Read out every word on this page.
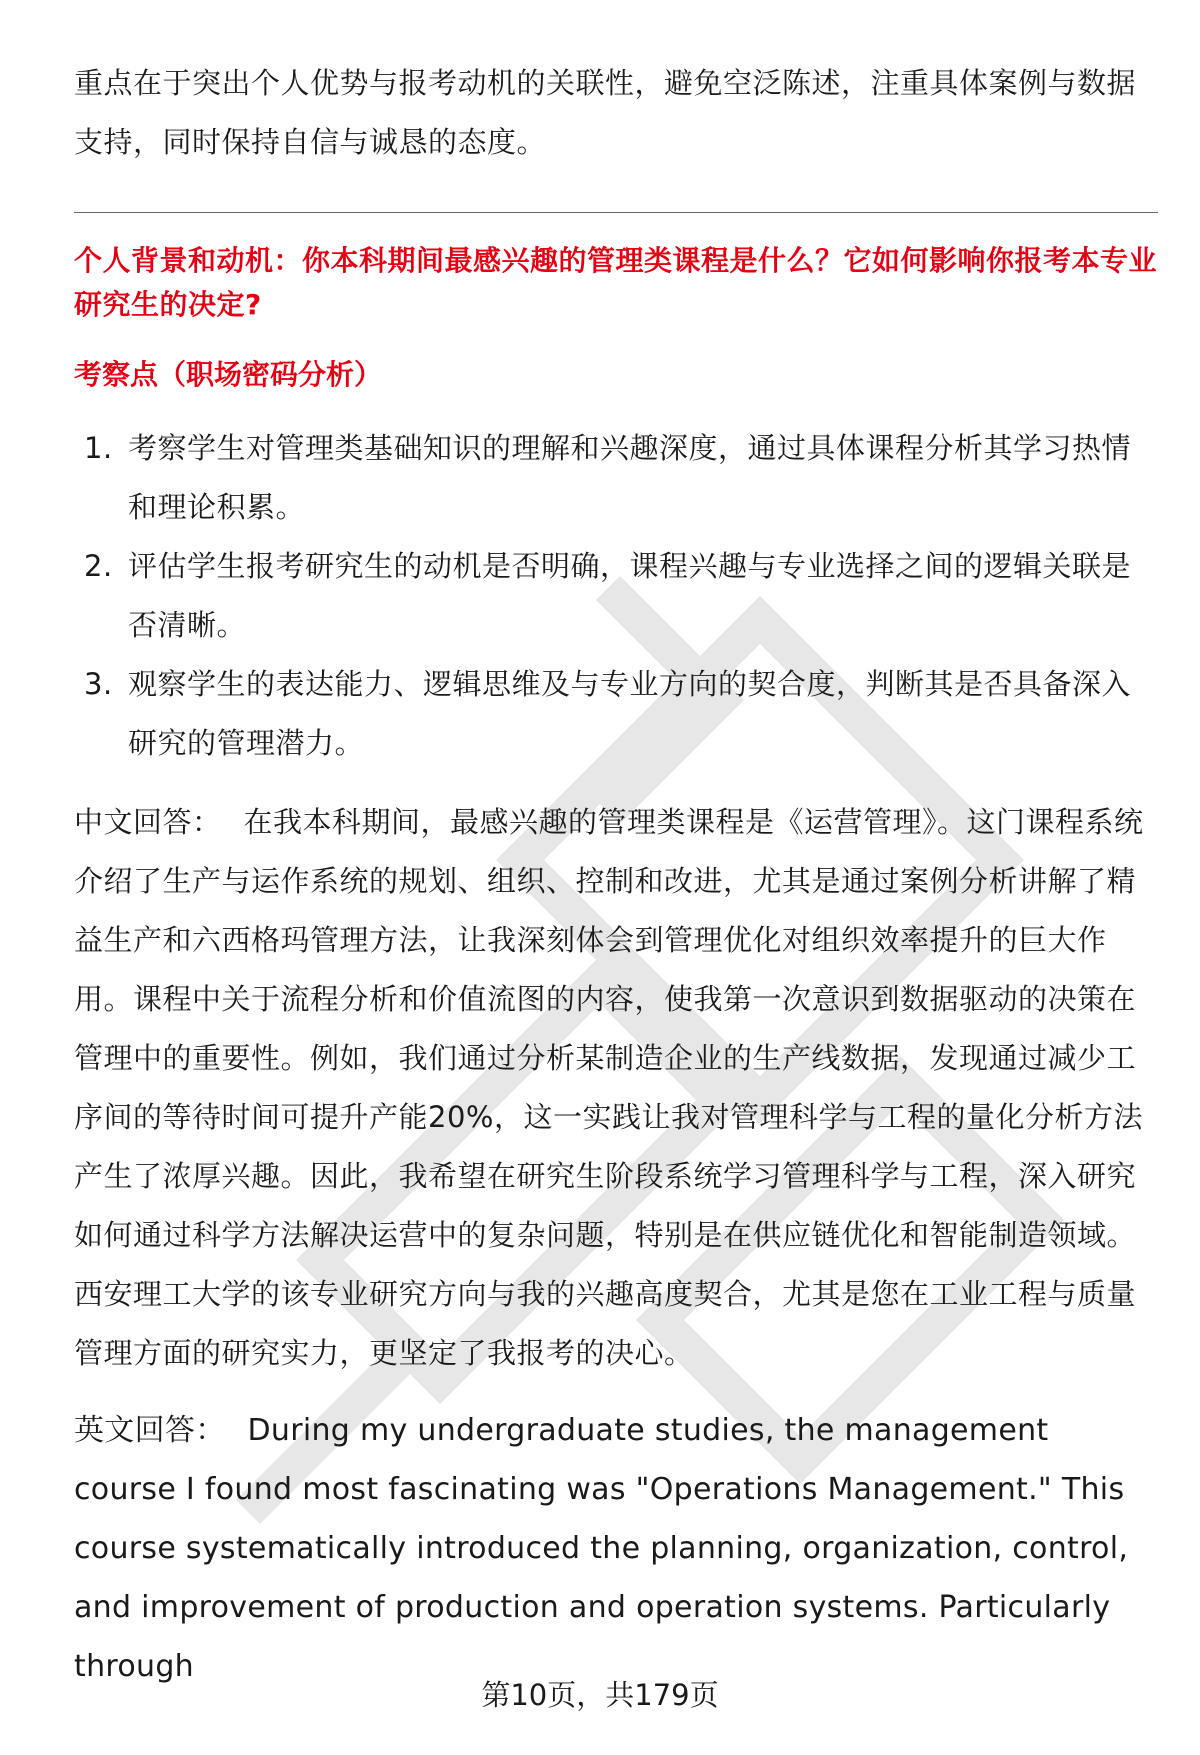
重点在于突出个人优势与报考动机的关联性，避免空泛陈述，注重具体案例与数据支持，同时保持自信与诚恳的态度。

个人背景和动机：你本科期间最感兴趣的管理类课程是什么？它如何影响你报考本专业研究生的决定?

考察点（职场密码分析）

1. 考察学生对管理类基础知识的理解和兴趣深度，通过具体课程分析其学习热情和理论积累。
2. 评估学生报考研究生的动机是否明确，课程兴趣与专业选择之间的逻辑关联是否清晰。
3. 观察学生的表达能力、逻辑思维及与专业方向的契合度，判断其是否具备深入研究的管理潜力。

中文回答： 在我本科期间，最感兴趣的管理类课程是《运营管理》。这门课程系统介绍了生产与运作系统的规划、组织、控制和改进，尤其是通过案例分析讲解了精益生产和六西格玛管理方法，让我深刻体会到管理优化对组织效率提升的巨大作用。课程中关于流程分析和价值流图的内容，使我第一次意识到数据驱动的决策在管理中的重要性。例如，我们通过分析某制造企业的生产线数据，发现通过减少工序间的等待时间可提升产能20%，这一实践让我对管理科学与工程的量化分析方法产生了浓厚兴趣。因此，我希望在研究生阶段系统学习管理科学与工程，深入研究如何通过科学方法解决运营中的复杂问题，特别是在供应链优化和智能制造领域。西安理工大学的该专业研究方向与我的兴趣高度契合，尤其是您在工业工程与质量管理方面的研究实力，更坚定了我报考的决心。

英文回答： During my undergraduate studies, the management course I found most fascinating was "Operations Management." This course systematically introduced the planning, organization, control, and improvement of production and operation systems. Particularly through

第10页，共179页
